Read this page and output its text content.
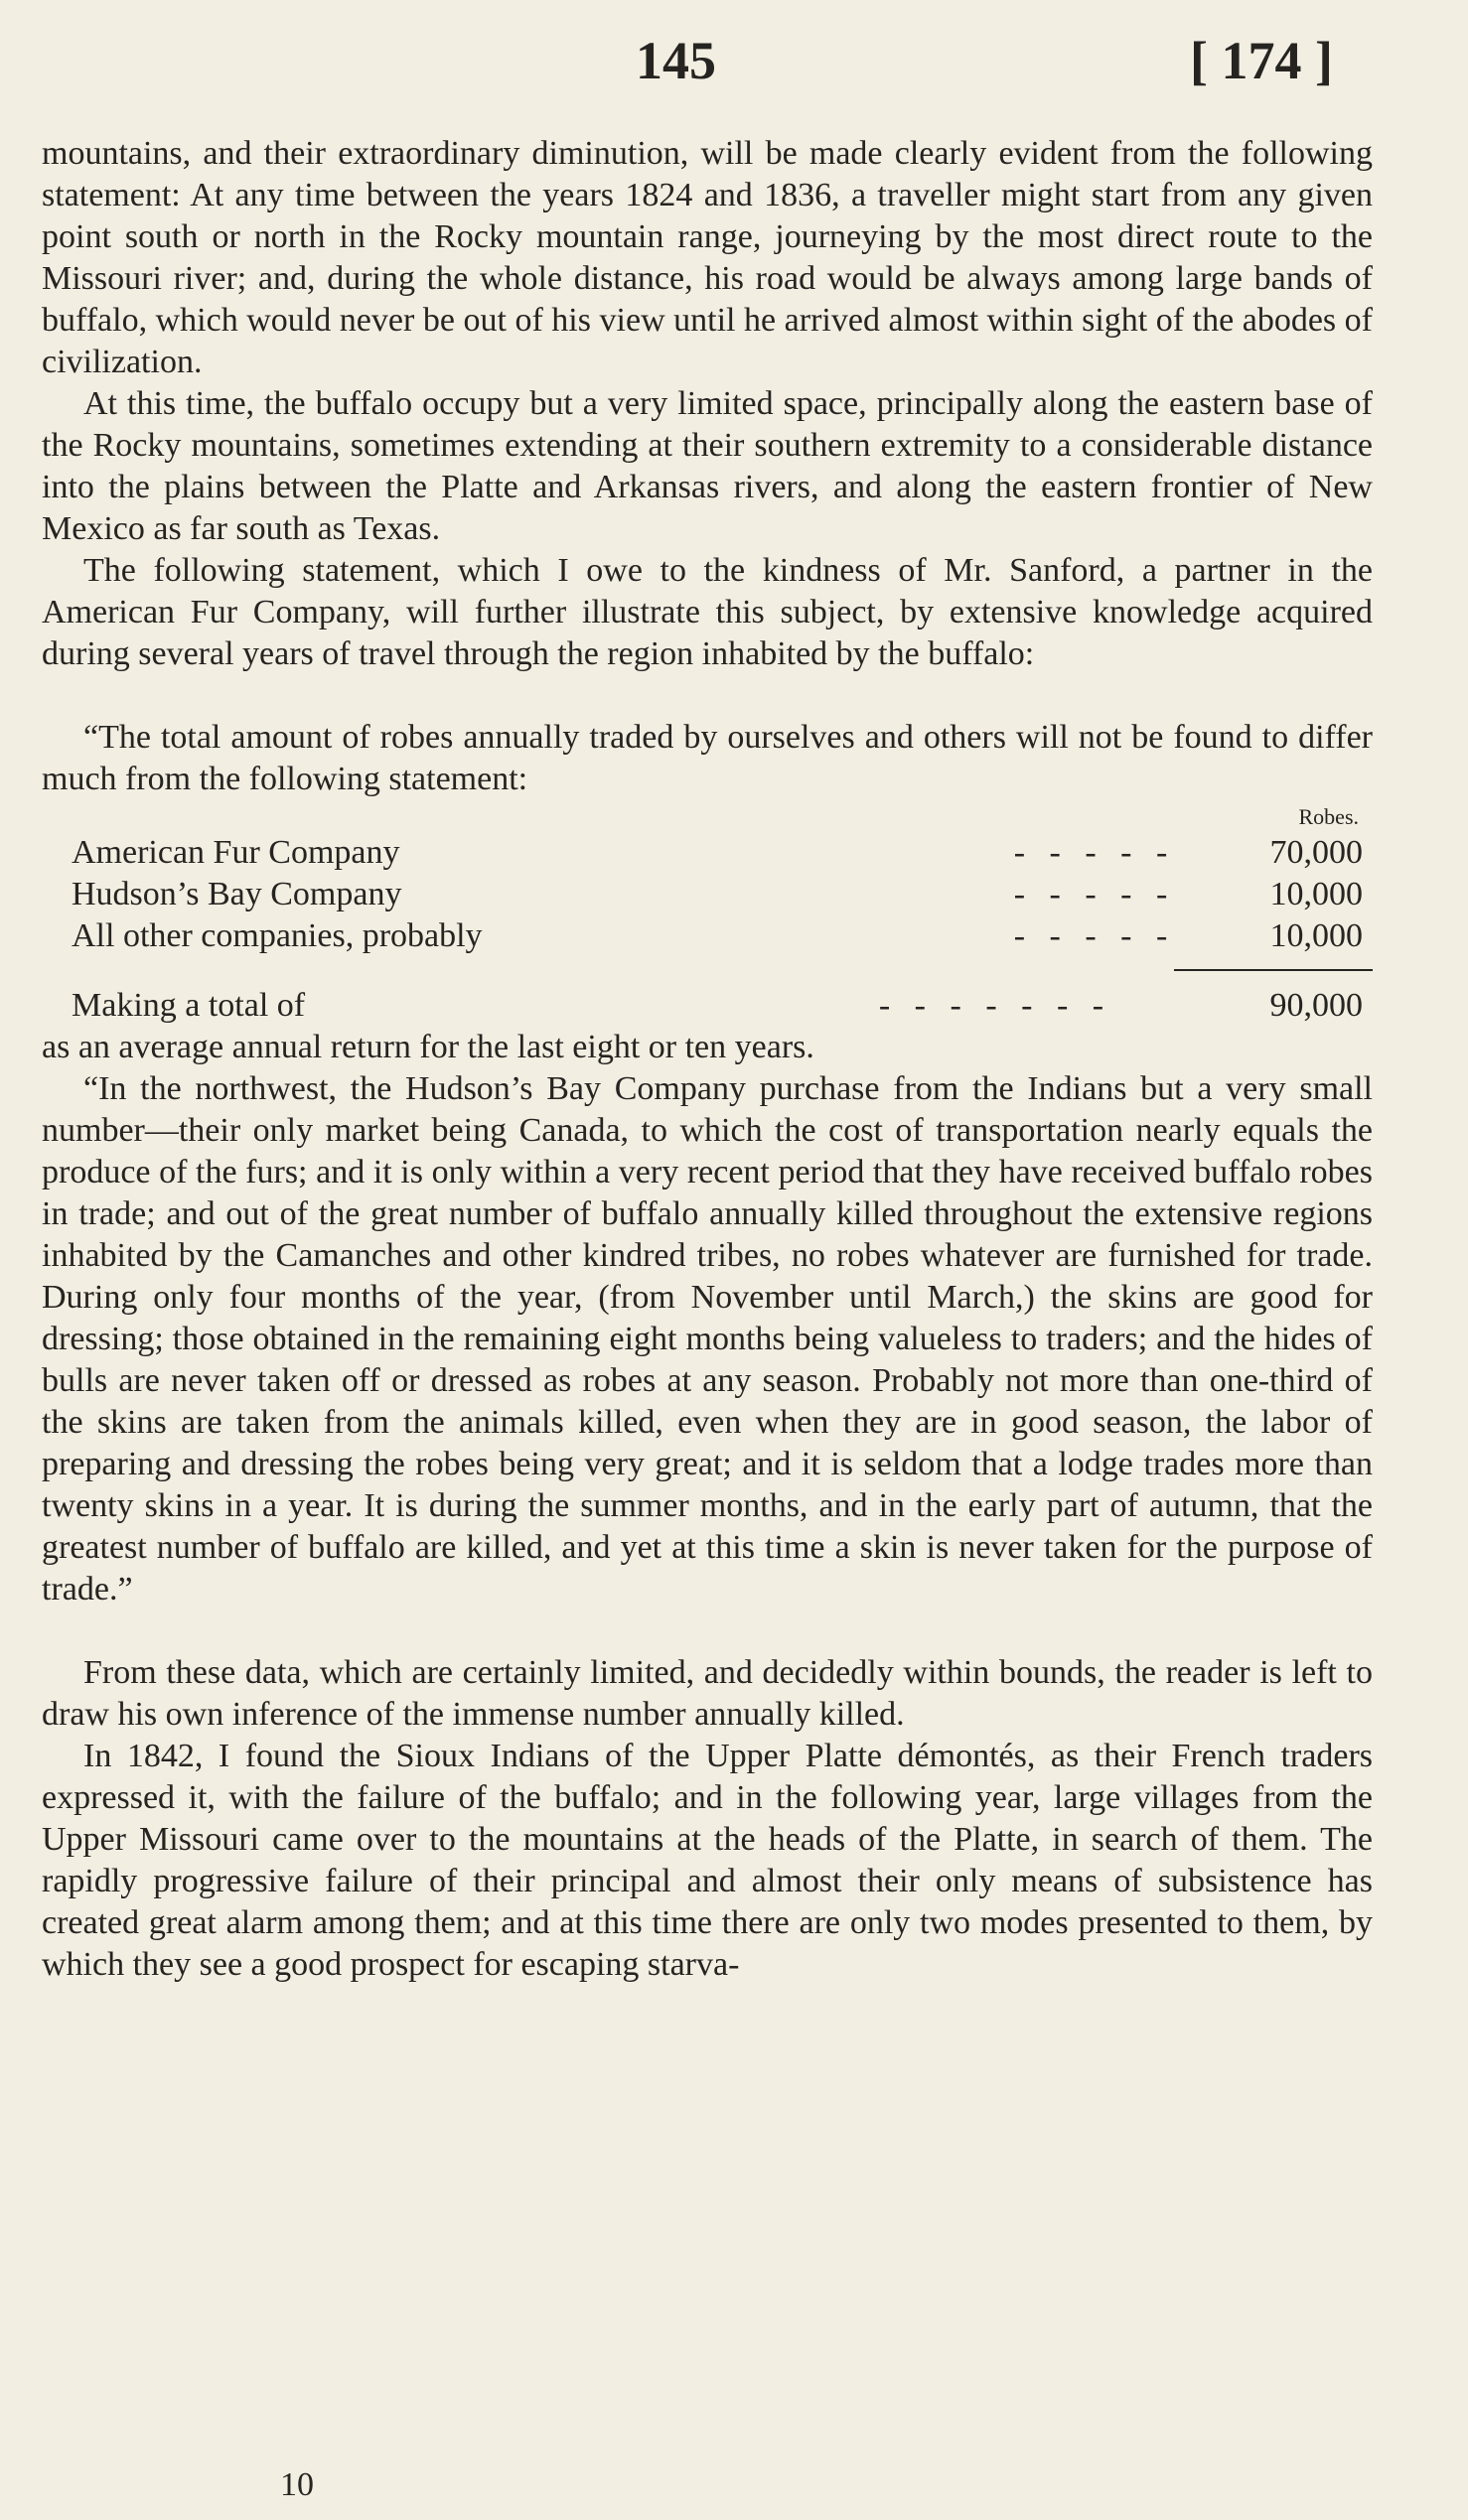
145	[ 174 ]

mountains, and their extraordinary diminution, will be made clearly evident from the following statement: At any time between the years 1824 and 1836, a traveller might start from any given point south or north in the Rocky mountain range, journeying by the most direct route to the Missouri river; and, during the whole distance, his road would be always among large bands of buffalo, which would never be out of his view until he arrived almost within sight of the abodes of civilization.

At this time, the buffalo occupy but a very limited space, principally along the eastern base of the Rocky mountains, sometimes extending at their southern extremity to a considerable distance into the plains between the Platte and Arkansas rivers, and along the eastern frontier of New Mexico as far south as Texas.

The following statement, which I owe to the kindness of Mr. Sanford, a partner in the American Fur Company, will further illustrate this subject, by extensive knowledge acquired during several years of travel through the region inhabited by the buffalo:

“The total amount of robes annually traded by ourselves and others will not be found to differ much from the following statement:

Robes.
American Fur Company	- - - - -	70,000
Hudson’s Bay Company	- - - - -	10,000
All other companies, probably	- - - - -	10,000
Making a total of	- - - - - - -	90,000

as an average annual return for the last eight or ten years.

“In the northwest, the Hudson’s Bay Company purchase from the Indians but a very small number—their only market being Canada, to which the cost of transportation nearly equals the produce of the furs; and it is only within a very recent period that they have received buffalo robes in trade; and out of the great number of buffalo annually killed throughout the extensive regions inhabited by the Camanches and other kindred tribes, no robes whatever are furnished for trade. During only four months of the year, (from November until March,) the skins are good for dressing; those obtained in the remaining eight months being valueless to traders; and the hides of bulls are never taken off or dressed as robes at any season. Probably not more than one-third of the skins are taken from the animals killed, even when they are in good season, the labor of preparing and dressing the robes being very great; and it is seldom that a lodge trades more than twenty skins in a year. It is during the summer months, and in the early part of autumn, that the greatest number of buffalo are killed, and yet at this time a skin is never taken for the purpose of trade.”

From these data, which are certainly limited, and decidedly within bounds, the reader is left to draw his own inference of the immense number annually killed.

In 1842, I found the Sioux Indians of the Upper Platte démontés, as their French traders expressed it, with the failure of the buffalo; and in the following year, large villages from the Upper Missouri came over to the mountains at the heads of the Platte, in search of them. The rapidly progressive failure of their principal and almost their only means of subsistence has created great alarm among them; and at this time there are only two modes presented to them, by which they see a good prospect for escaping starva-

10
